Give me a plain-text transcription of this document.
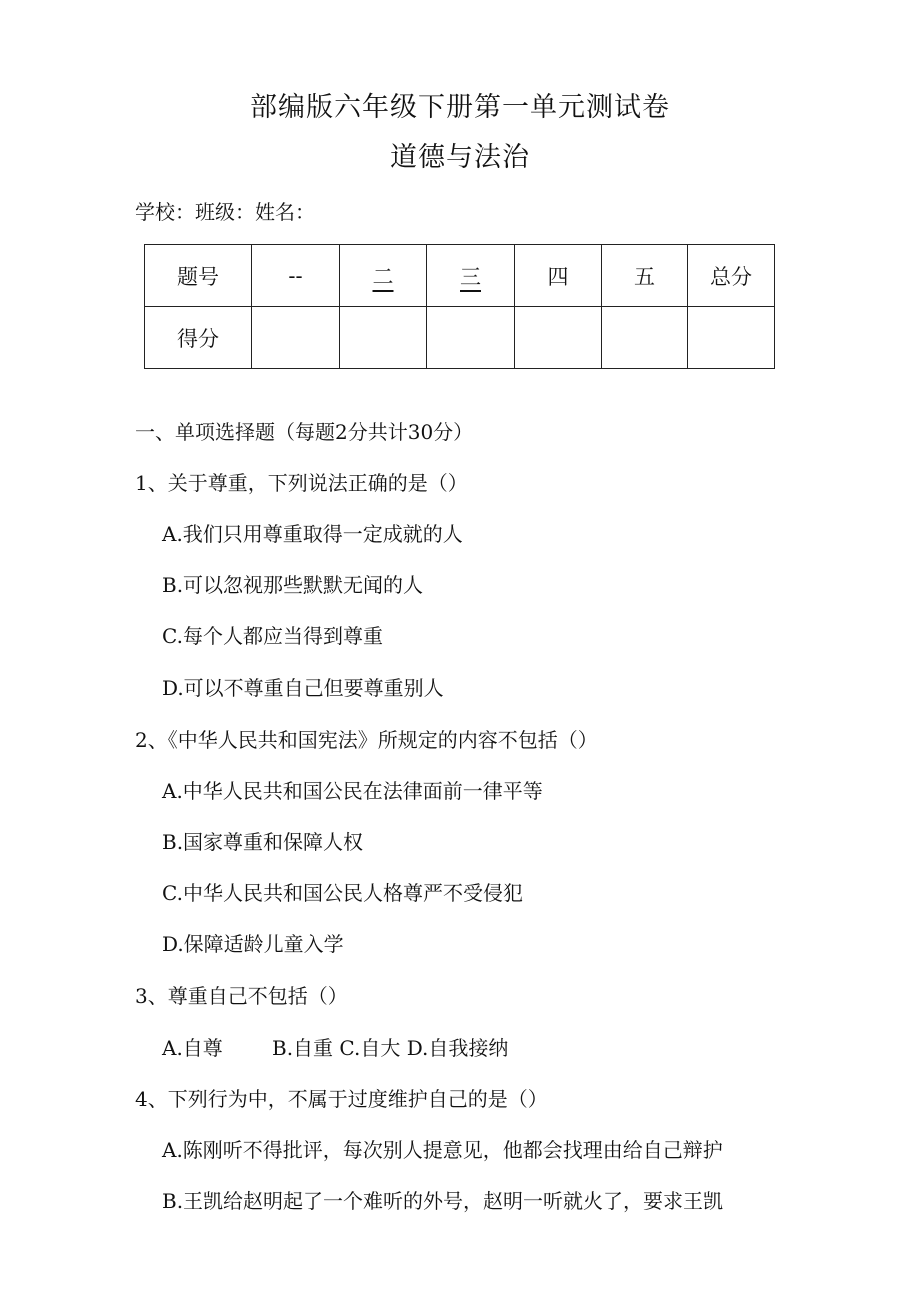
部编版六年级下册第一单元测试卷
道德与法治
学校：班级：姓名：
题号	--	二	三	四	五	总分
得分						
一、单项选择题（每题2分共计30分）
1、关于尊重，下列说法正确的是（）
A.我们只用尊重取得一定成就的人
B.可以忽视那些默默无闻的人
C.每个人都应当得到尊重
D.可以不尊重自己但要尊重别人
2、《中华人民共和国宪法》所规定的内容不包括（）
A.中华人民共和国公民在法律面前一律平等
B.国家尊重和保障人权
C.中华人民共和国公民人格尊严不受侵犯
D.保障适龄儿童入学
3、尊重自己不包括（）
A.自尊 B.自重 C.自大 D.自我接纳
4、下列行为中，不属于过度维护自己的是（）
A.陈刚听不得批评，每次别人提意见，他都会找理由给自己辩护
B.王凯给赵明起了一个难听的外号，赵明一听就火了，要求王凯
